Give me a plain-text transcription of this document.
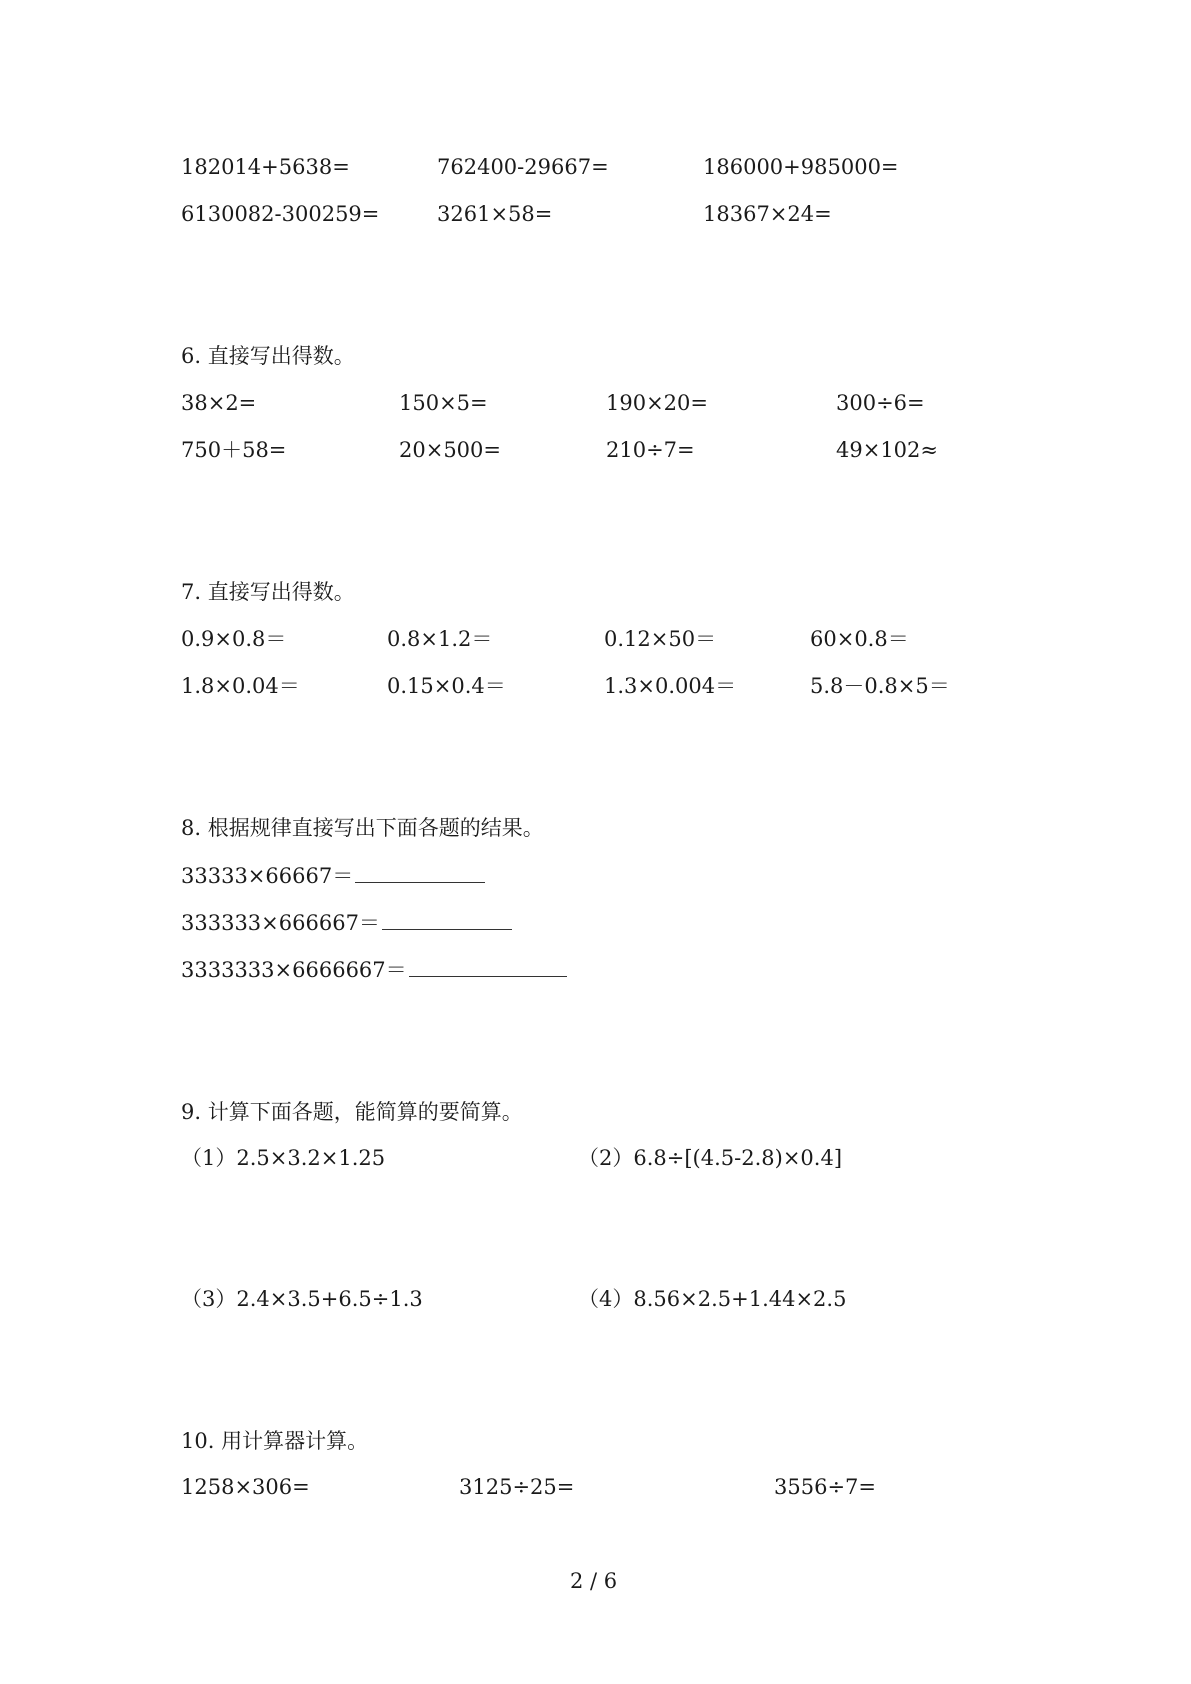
182014+5638=	762400-29667=	186000+985000=
6130082-300259=	3261×58=	18367×24=
6. 直接写出得数。
38×2=	150×5=	190×20=	300÷6=
750＋58=	20×500=	210÷7=	49×102≈
7. 直接写出得数。
0.9×0.8＝	0.8×1.2＝	0.12×50＝	60×0.8＝
1.8×0.04＝	0.15×0.4＝	1.3×0.004＝	5.8－0.8×5＝
8. 根据规律直接写出下面各题的结果。
33333×66667＝
333333×666667＝
3333333×6666667＝
9. 计算下面各题，能简算的要简算。
（1）2.5×3.2×1.25	（2）6.8÷[(4.5-2.8)×0.4]
（3）2.4×3.5+6.5÷1.3	（4）8.56×2.5+1.44×2.5
10. 用计算器计算。
1258×306=	3125÷25=	3556÷7=
2 / 6
